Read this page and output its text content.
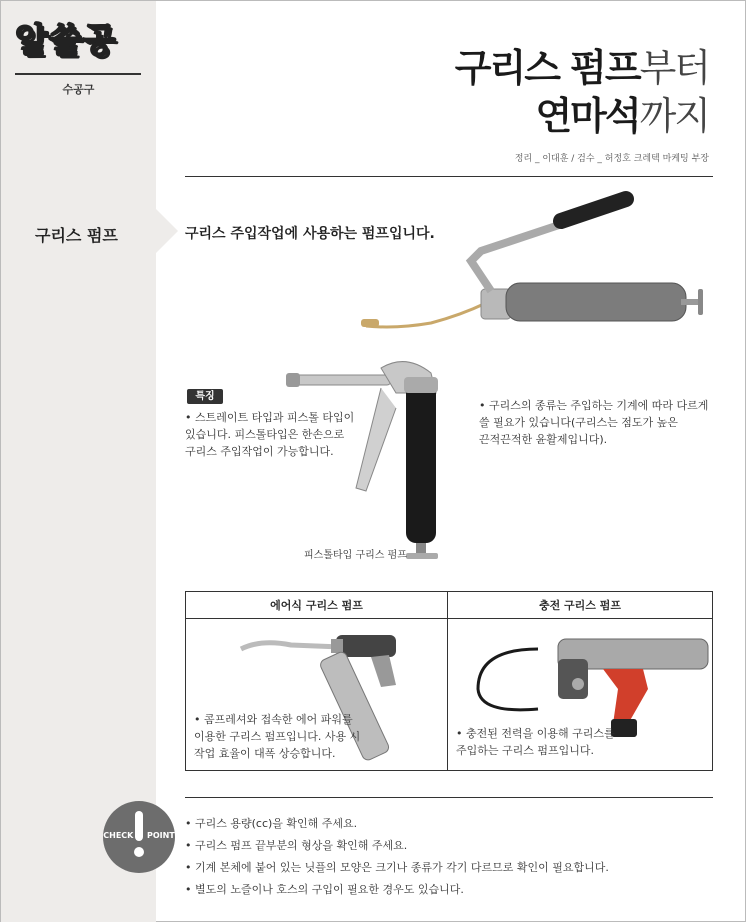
알쓸공
수공구
구리스 펌프
구리스 펌프부터
연마석까지
정리 _ 이대훈 / 검수 _ 허정호 크레텍 마케팅 부장
구리스 주입작업에 사용하는 펌프입니다.
특징
• 스트레이트 타입과 피스톨 타입이
있습니다. 피스톨타입은 한손으로
구리스 주입작업이 가능합니다.
• 구리스의 종류는 주입하는 기계에 따라 다르게
쓸 필요가 있습니다(구리스는 점도가 높은
끈적끈적한 윤활제입니다).
피스톨타입 구리스 펌프
에어식 구리스 펌프
• 콤프레셔와 접속한 에어 파워를
이용한 구리스 펌프입니다. 사용 시
작업 효율이 대폭 상승합니다.
충전 구리스 펌프
• 충전된 전력을 이용해 구리스를
주입하는 구리스 펌프입니다.
CHECK POINT
• 구리스 용량(cc)을 확인해 주세요.
• 구리스 펌프 끝부분의 형상을 확인해 주세요.
• 기계 본체에 붙어 있는 닛플의 모양은 크기나 종류가 각기 다르므로 확인이 필요합니다.
• 별도의 노즐이나 호스의 구입이 필요한 경우도 있습니다.
